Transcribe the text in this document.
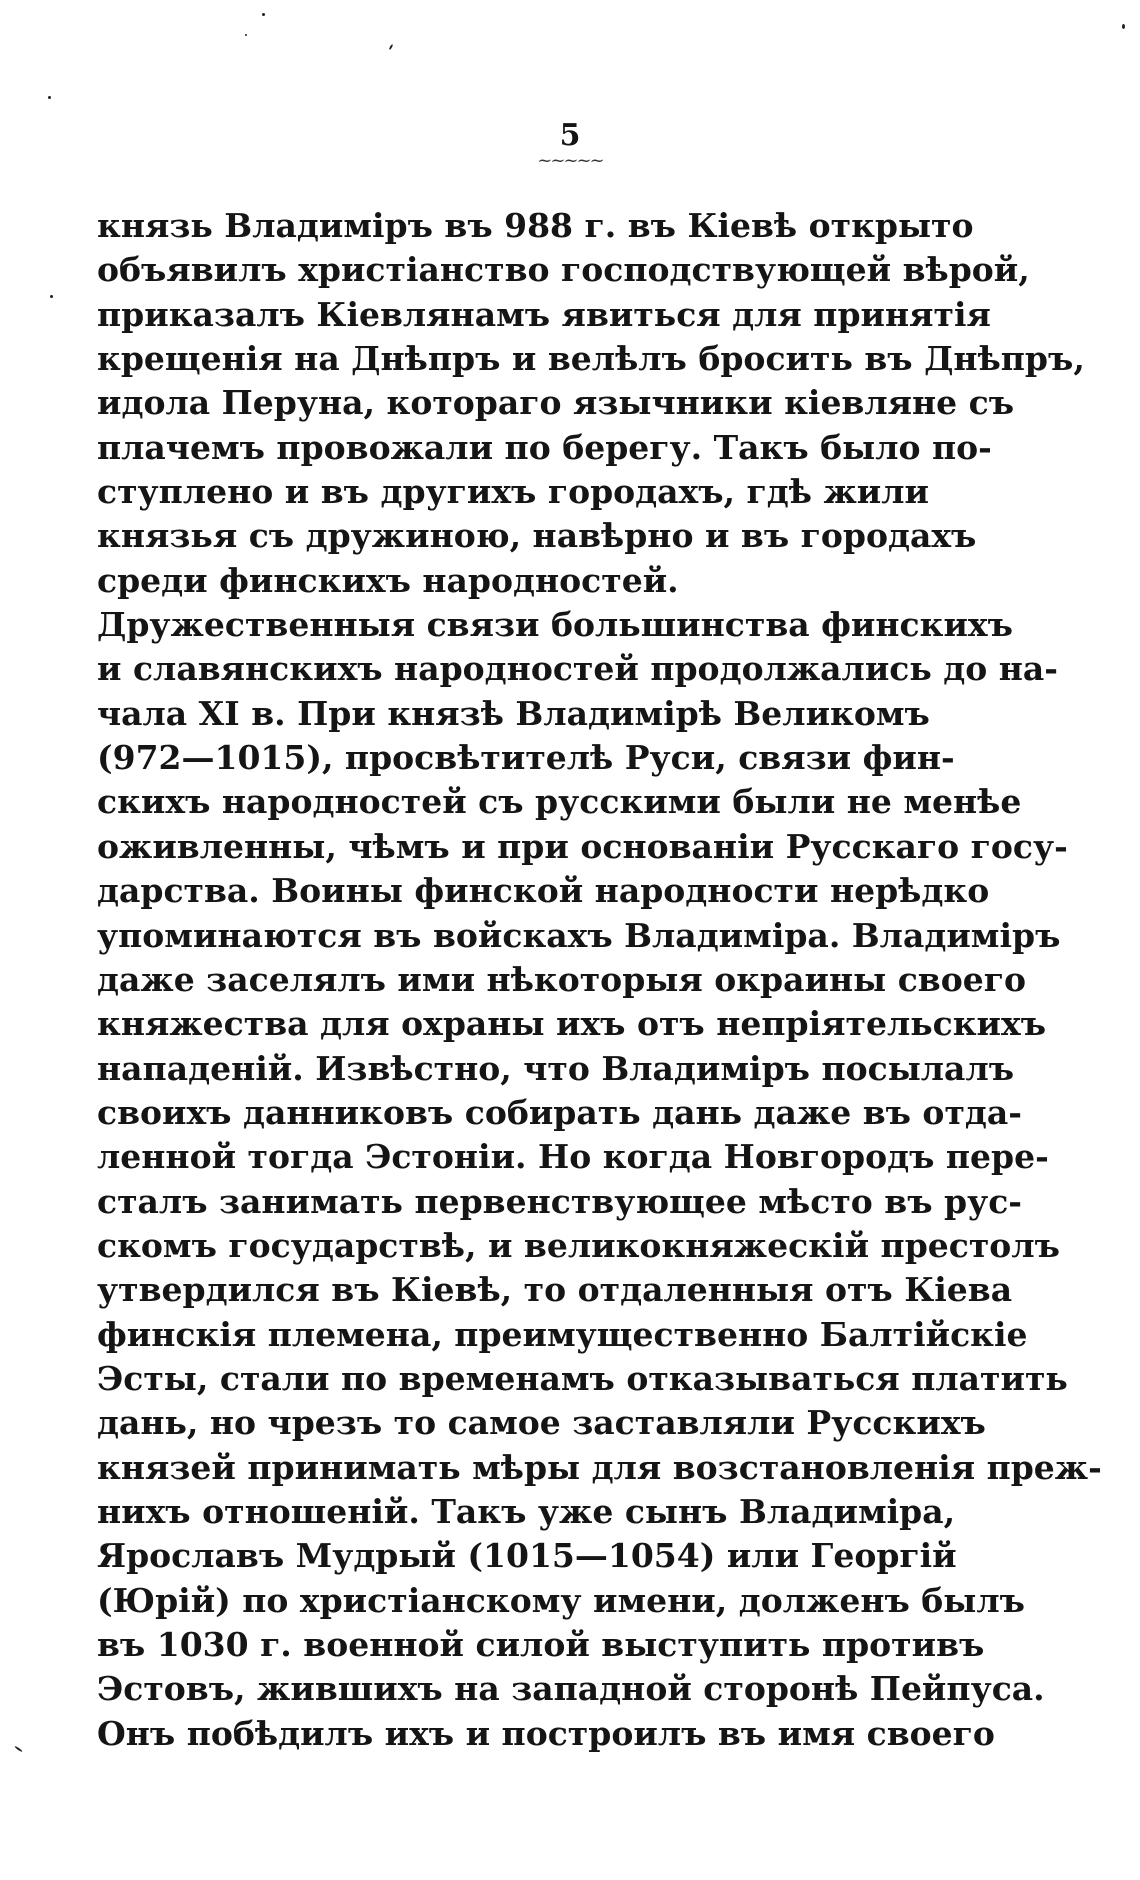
5
~~~~~
князь Владиміръ въ 988 г. въ Кіевѣ открыто
объявилъ христіанство господствующей вѣрой,
приказалъ Кіевлянамъ явиться для принятія
крещенія на Днѣпръ и велѣлъ бросить въ Днѣпръ,
идола Перуна, котораго язычники кіевляне съ
плачемъ провожали по берегу. Такъ было по-
ступлено и въ другихъ городахъ, гдѣ жили
князья съ дружиною, навѣрно и въ городахъ
среди финскихъ народностей.
Дружественныя связи большинства финскихъ
и славянскихъ народностей продолжались до на-
чала XI в. При князѣ Владимірѣ Великомъ
(972—1015), просвѣтителѣ Руси, связи фин-
скихъ народностей съ русскими были не менѣе
оживленны, чѣмъ и при основаніи Русскаго госу-
дарства. Воины финской народности нерѣдко
упоминаются въ войскахъ Владиміра. Владиміръ
даже заселялъ ими нѣкоторыя окраины своего
княжества для охраны ихъ отъ непріятельскихъ
нападеній. Извѣстно, что Владиміръ посылалъ
своихъ данниковъ собирать дань даже въ отда-
ленной тогда Эстоніи. Но когда Новгородъ пере-
сталъ занимать первенствующее мѣсто въ рус-
скомъ государствѣ, и великокняжескій престолъ
утвердился въ Кіевѣ, то отдаленныя отъ Кіева
финскія племена, преимущественно Балтійскіе
Эсты, стали по временамъ отказываться платить
дань, но чрезъ то самое заставляли Русскихъ
князей принимать мѣры для возстановленія преж-
нихъ отношеній. Такъ уже сынъ Владиміра,
Ярославъ Мудрый (1015—1054) или Георгій
(Юрій) по христіанскому имени, долженъ былъ
въ 1030 г. военной силой выступить противъ
Эстовъ, жившихъ на западной сторонѣ Пейпуса.
Онъ побѣдилъ ихъ и построилъ въ имя своего
